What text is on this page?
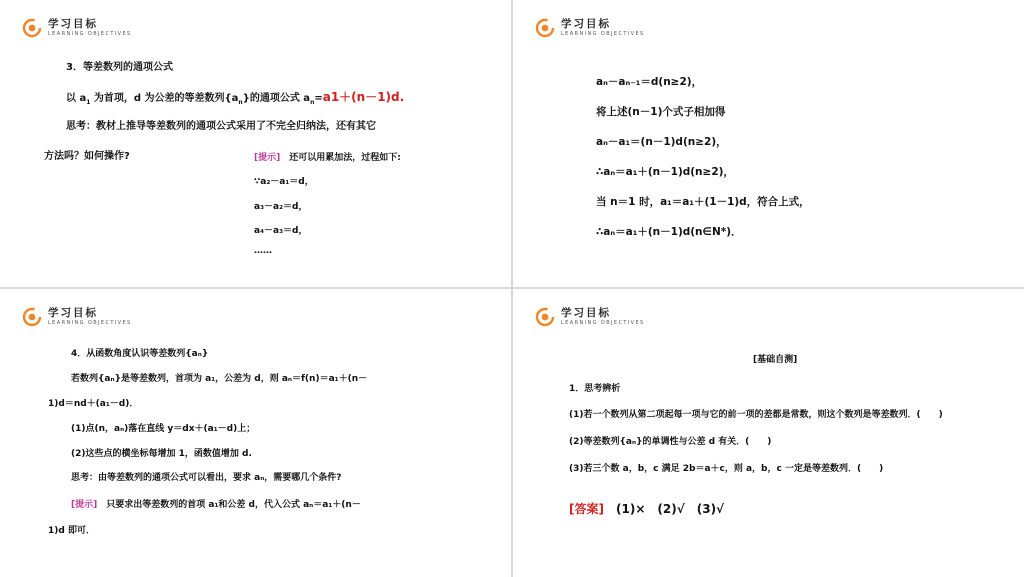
学习目标
LEARNING OBJECTIVES
3．等差数列的通项公式
以 $a_1$ 为首项，d 为公差的等差数列$\{a_n\}$的通项公式 $a_n=a1+(n-1)d$.
思考：教材上推导等差数列的通项公式采用了不完全归纳法，还有其它
方法吗？如何操作?	[提示]　 还可以用累加法，过程如下:
∵a₂－a₁＝d，
a₃－a₂＝d，
a₄－a₃＝d，
……
学习目标
LEARNING OBJECTIVES
aₙ－aₙ₋₁＝d(n≥2)，
将上述(n－1)个式子相加得
aₙ－a₁＝(n－1)d(n≥2)，
∴aₙ＝a₁＋(n－1)d(n≥2)，
当 n＝1 时，a₁＝a₁＋(1－1)d，符合上式，
∴aₙ＝a₁＋(n－1)d(n∈N*)．
学习目标
LEARNING OBJECTIVES
4．从函数角度认识等差数列{aₙ}
若数列{aₙ}是等差数列，首项为 a₁，公差为 d，则 aₙ＝f(n)＝a₁＋(n－
1)d＝nd＋(a₁－d)．
(1)点(n，aₙ)落在直线 y＝dx＋(a₁－d)上；
(2)这些点的横坐标每增加 1，函数值增加 d.
思考：由等差数列的通项公式可以看出，要求 aₙ，需要哪几个条件?
[提示]　 只要求出等差数列的首项 a₁和公差 d，代入公式 aₙ＝a₁＋(n－
1)d 即可．
学习目标
LEARNING OBJECTIVES
[基础自测]
1．思考辨析
(1)若一个数列从第二项起每一项与它的前一项的差都是常数，则这个数列是等差数列．(　　)
(2)等差数列{aₙ}的单调性与公差 d 有关．(　　)
(3)若三个数 a，b，c 满足 2b＝a＋c，则 a，b，c 一定是等差数列．(　　)
[答案]　 (1)×　 (2)√　 (3)√
